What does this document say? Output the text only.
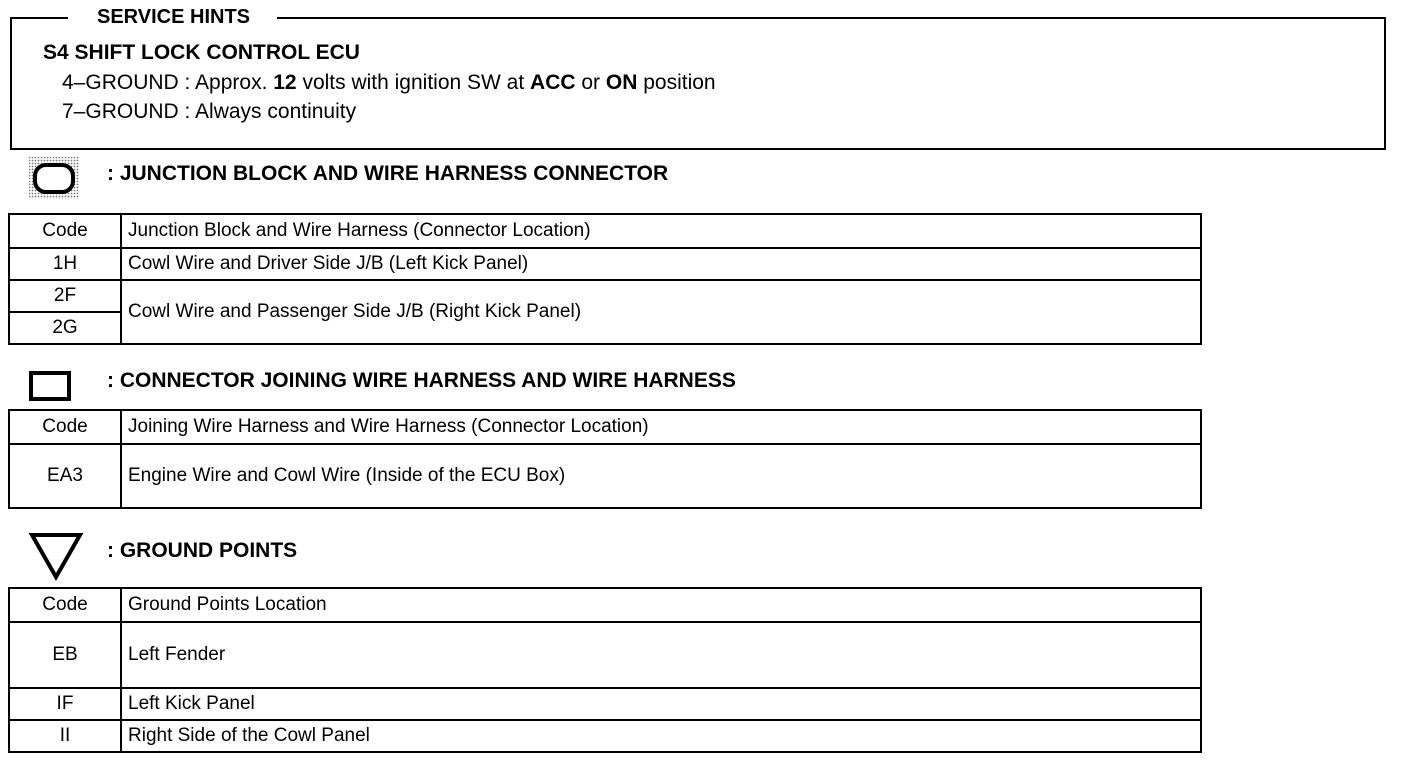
SERVICE HINTS
S4 SHIFT LOCK CONTROL ECU
4–GROUND : Approx. 12 volts with ignition SW at ACC or ON position
7–GROUND : Always continuity
: JUNCTION BLOCK AND WIRE HARNESS CONNECTOR
Code	Junction Block and Wire Harness (Connector Location)
1H	Cowl Wire and Driver Side J/B (Left Kick Panel)
2F	Cowl Wire and Passenger Side J/B (Right Kick Panel)
2G	
: CONNECTOR JOINING WIRE HARNESS AND WIRE HARNESS
Code	Joining Wire Harness and Wire Harness (Connector Location)
EA3	Engine Wire and Cowl Wire (Inside of the ECU Box)
: GROUND POINTS
Code	Ground Points Location
EB	Left Fender
IF	Left Kick Panel
II	Right Side of the Cowl Panel
